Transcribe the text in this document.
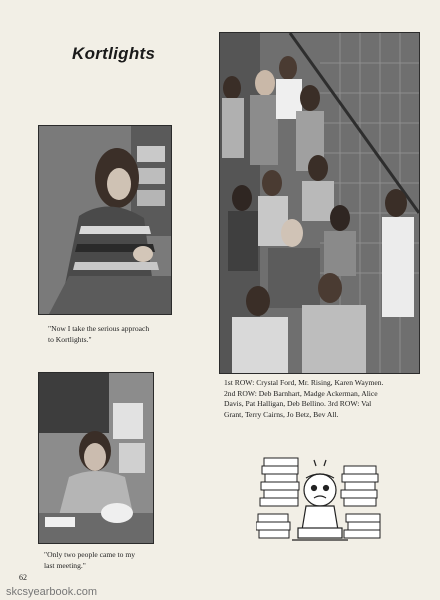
Kortlights
"Now I take the serious approach
to Kortlights."
1st ROW: Crystal Ford, Mr. Rising, Karen Waymen.
2nd ROW: Deb Barnhart, Madge Ackerman, Alice
Davis, Pat Halligan, Deb Bellino. 3rd ROW: Val
Grant, Terry Cairns, Jo Betz, Bev All.
"Only two people came to my
last meeting."
62
skcsyearbook.com
